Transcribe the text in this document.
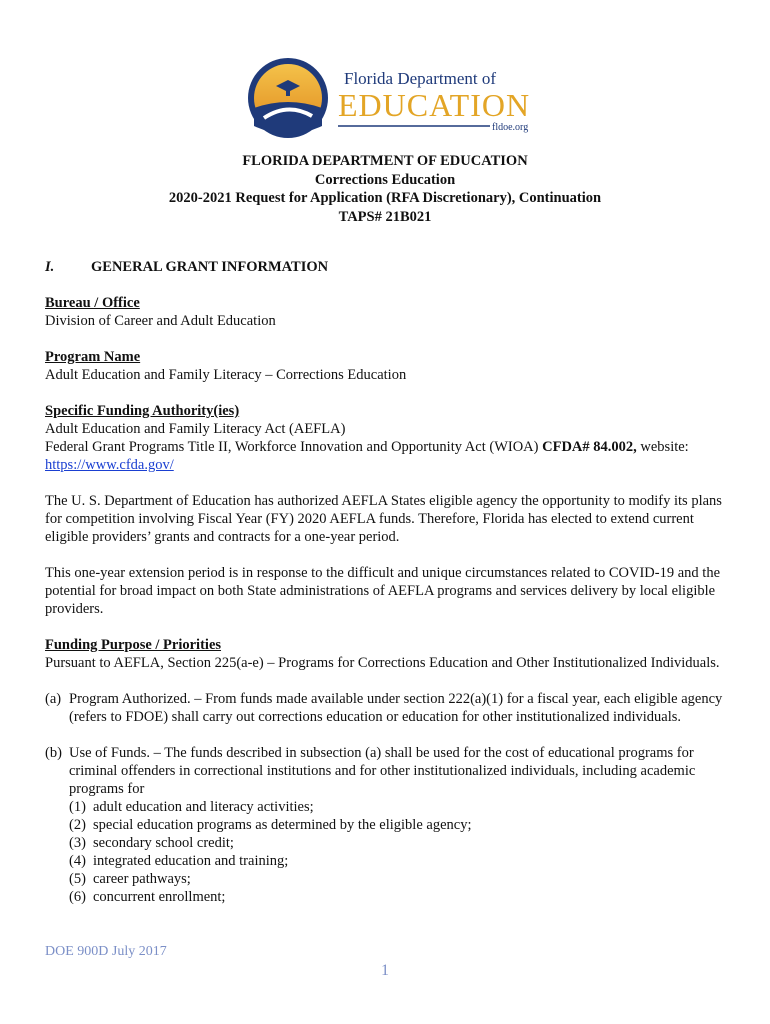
Florida Department of
EDUCATION
fldoe.org
FLORIDA DEPARTMENT OF EDUCATION
Corrections Education
2020-2021 Request for Application (RFA Discretionary), Continuation
TAPS# 21B021
I.	GENERAL GRANT INFORMATION
Bureau / Office
Division of Career and Adult Education
Program Name
Adult Education and Family Literacy – Corrections Education
Specific Funding Authority(ies)
Adult Education and Family Literacy Act (AEFLA)
Federal Grant Programs Title II, Workforce Innovation and Opportunity Act (WIOA) CFDA# 84.002, website:
https://www.cfda.gov/
The U. S. Department of Education has authorized AEFLA States eligible agency the opportunity to modify its plans for competition involving Fiscal Year (FY) 2020 AEFLA funds. Therefore, Florida has elected to extend current eligible providers’ grants and contracts for a one-year period.
This one-year extension period is in response to the difficult and unique circumstances related to COVID-19 and the potential for broad impact on both State administrations of AEFLA programs and services delivery by local eligible providers.
Funding Purpose / Priorities
Pursuant to AEFLA, Section 225(a-e) – Programs for Corrections Education and Other Institutionalized Individuals.
(a) Program Authorized. – From funds made available under section 222(a)(1) for a fiscal year, each eligible agency (refers to FDOE) shall carry out corrections education or education for other institutionalized individuals.
(b) Use of Funds. – The funds described in subsection (a) shall be used for the cost of educational programs for criminal offenders in correctional institutions and for other institutionalized individuals, including academic programs for
(1) adult education and literacy activities;
(2) special education programs as determined by the eligible agency;
(3) secondary school credit;
(4) integrated education and training;
(5) career pathways;
(6) concurrent enrollment;
DOE 900D July 2017
1
